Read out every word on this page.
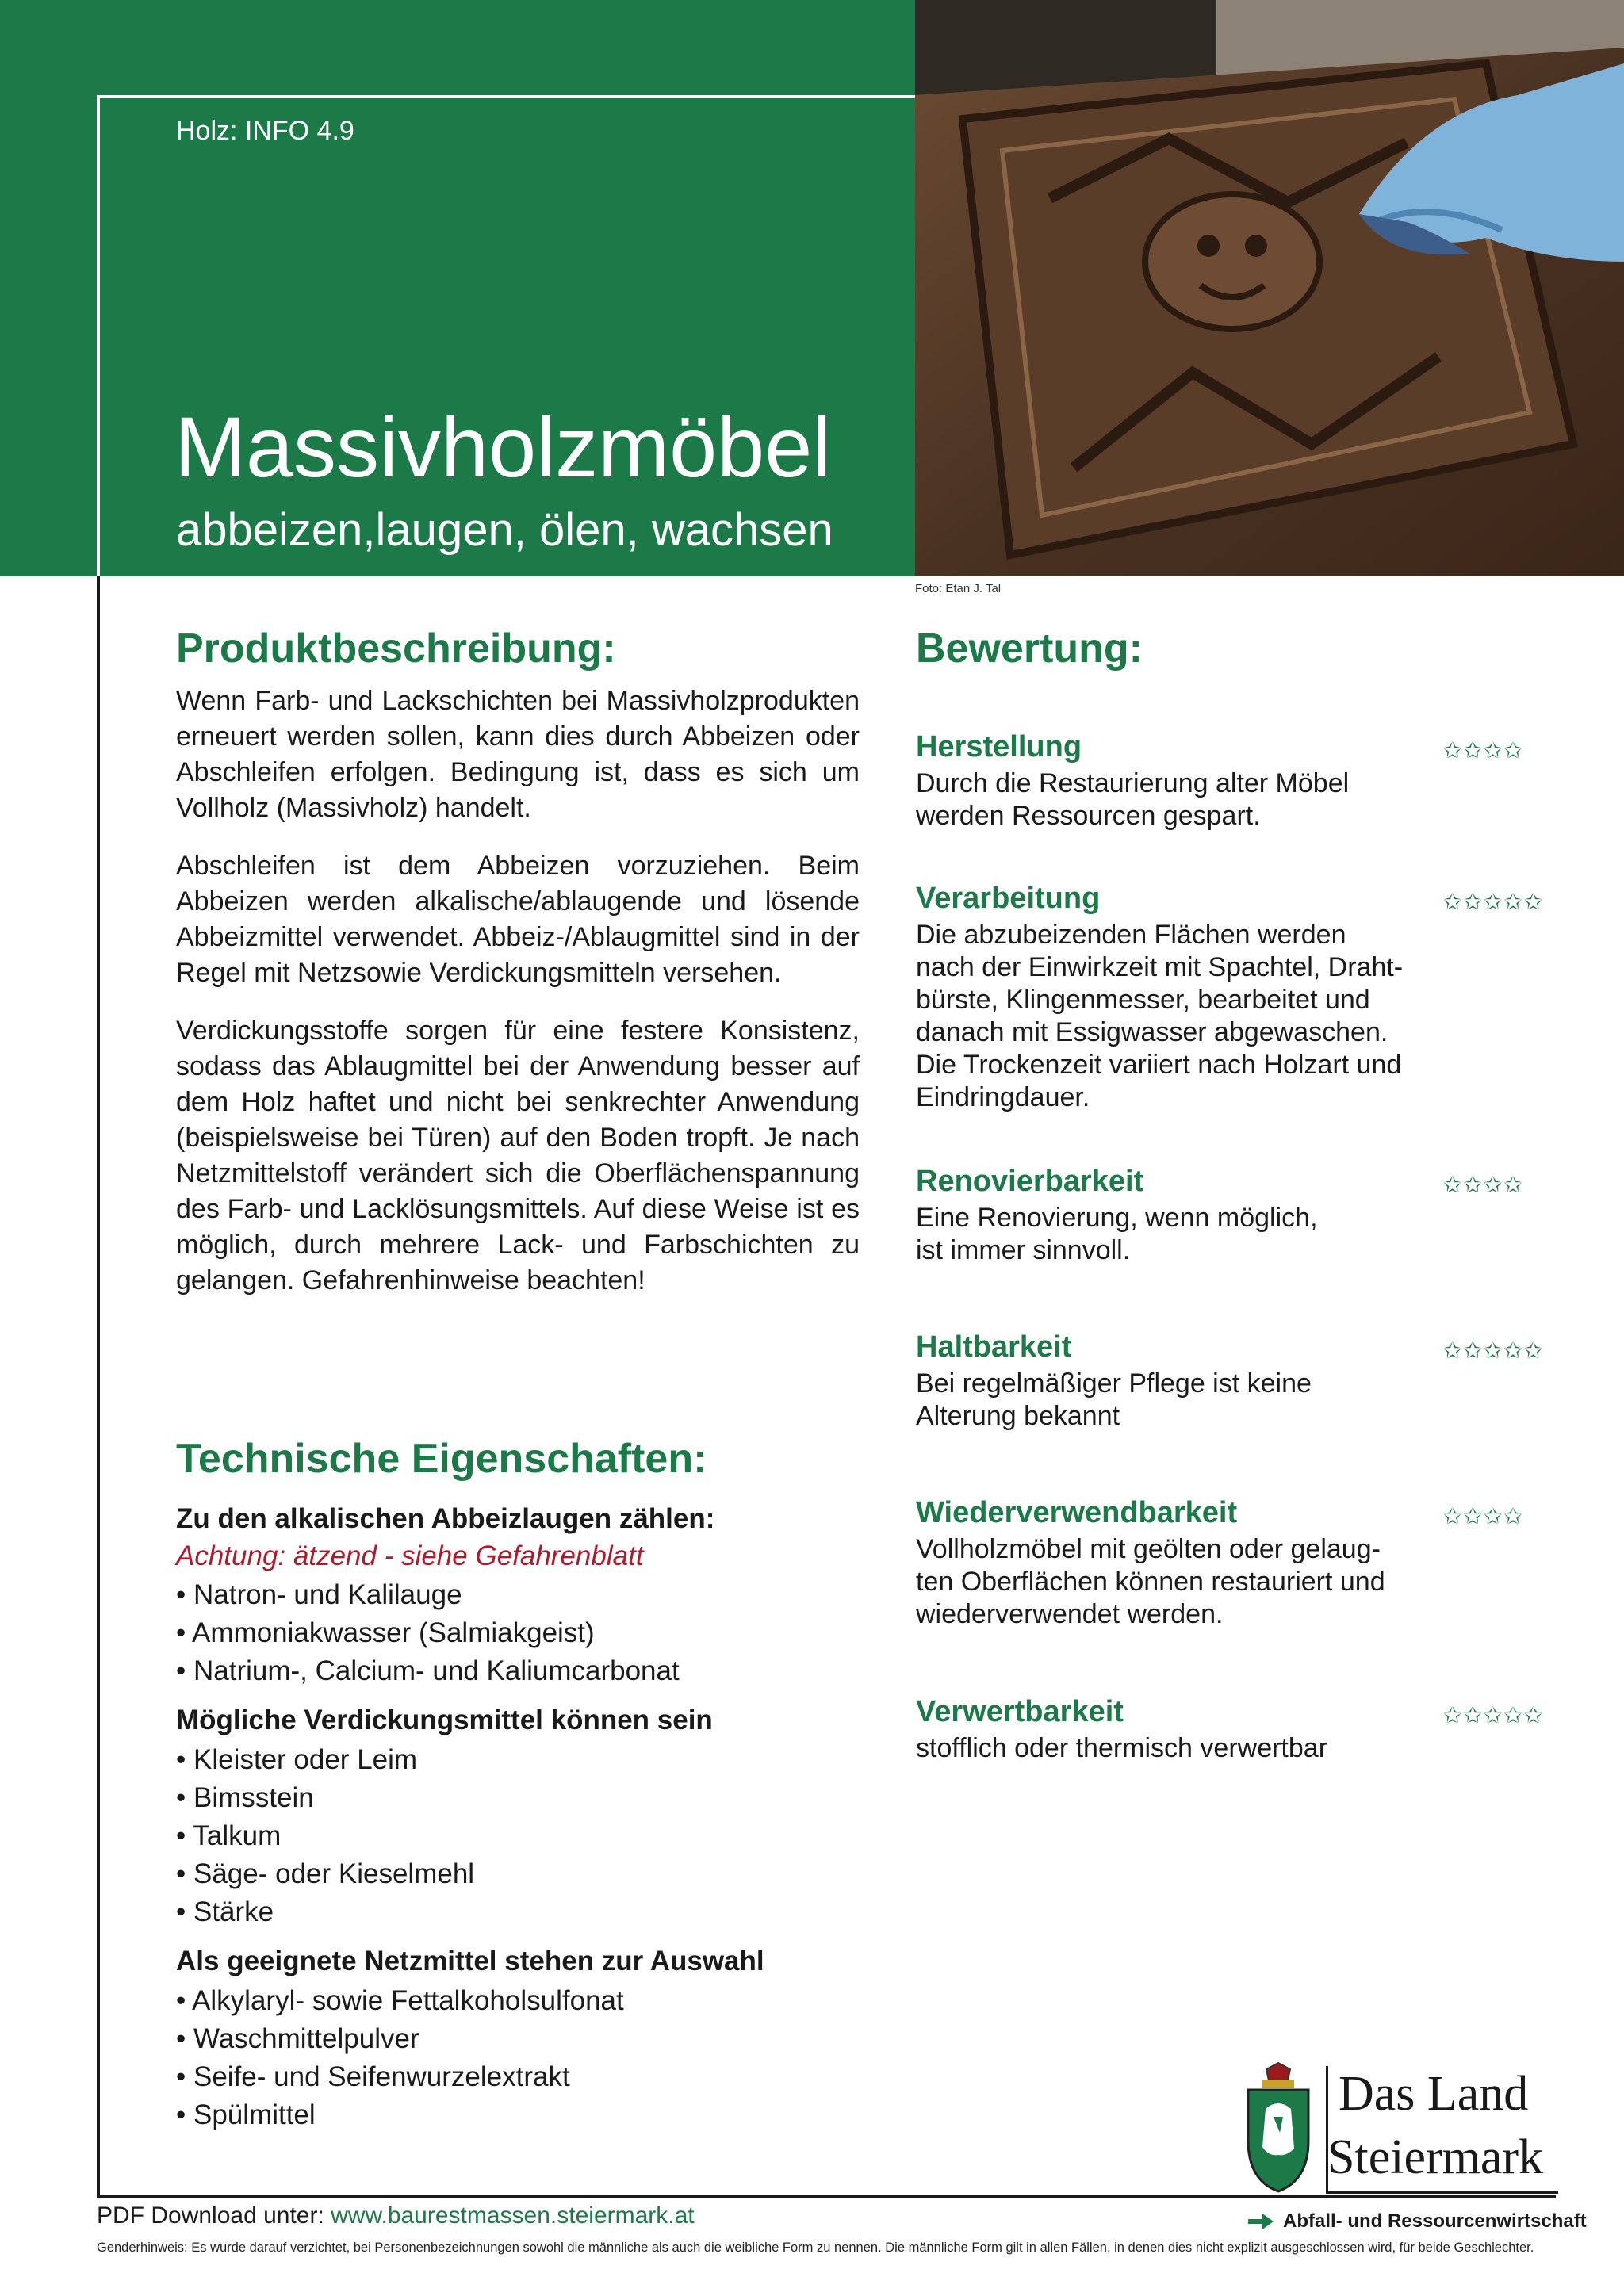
Holz: INFO 4.9
Massivholzmöbel
abbeizen,laugen, ölen, wachsen
Foto: Etan J. Tal
Produktbeschreibung:

Wenn Farb- und Lackschichten bei Massivholzprodukten erneuert werden sollen, kann dies durch Abbeizen oder Abschleifen erfolgen. Bedingung ist, dass es sich um Vollholz (Massivholz) handelt.

Abschleifen ist dem Abbeizen vorzuziehen. Beim Abbeizen werden alkalische/ablaugende und lösende Abbeizmittel verwendet. Abbeiz-/Ablaugmittel sind in der Regel mit Netzsowie Verdickungsmitteln versehen.

Verdickungsstoffe sorgen für eine festere Konsistenz, sodass das Ablaugmittel bei der Anwendung besser auf dem Holz haftet und nicht bei senkrechter Anwendung (beispielsweise bei Türen) auf den Boden tropft. Je nach Netzmittelstoff verändert sich die Oberflächenspannung des Farb- und Lacklösungsmittels. Auf diese Weise ist es möglich, durch mehrere Lack- und Farbschichten zu gelangen. Gefahrenhinweise beachten!

Technische Eigenschaften:

Zu den alkalischen Abbeizlaugen zählen:

Achtung: ätzend - siehe Gefahrenblatt

• Natron- und Kalilauge
• Ammoniakwasser (Salmiakgeist)
• Natrium-, Calcium- und Kaliumcarbonat

Mögliche Verdickungsmittel können sein

• Kleister oder Leim
• Bimsstein
• Talkum
• Säge- oder Kieselmehl
• Stärke

Als geeignete Netzmittel stehen zur Auswahl

• Alkylaryl- sowie Fettalkoholsulfonat
• Waschmittelpulver
• Seife- und Seifenwurzelextrakt
• Spülmittel
Bewertung:
Herstellung	✩✩✩✩

Durch die Restaurierung alter Möbel
werden Ressourcen gespart.

Verarbeitung	✩✩✩✩✩

Die abzubeizenden Flächen werden
nach der Einwirkzeit mit Spachtel, Draht-
bürste, Klingenmesser, bearbeitet und
danach mit Essigwasser abgewaschen.
Die Trockenzeit variiert nach Holzart und
Eindringdauer.

Renovierbarkeit	✩✩✩✩

Eine Renovierung, wenn möglich,
ist immer sinnvoll.

Haltbarkeit	✩✩✩✩✩

Bei regelmäßiger Pflege ist keine
Alterung bekannt

Wiederverwendbarkeit	✩✩✩✩

Vollholzmöbel mit geölten oder gelaug-
ten Oberflächen können restauriert und
wiederverwendet werden.

Verwertbarkeit	✩✩✩✩✩

stofflich oder thermisch verwertbar

Das Land
Steiermark
PDF Download unter: www.baurestmassen.steiermark.at	Abfall- und Ressourcenwirtschaft
Genderhinweis: Es wurde darauf verzichtet, bei Personenbezeichnungen sowohl die männliche als auch die weibliche Form zu nennen. Die männliche Form gilt in allen Fällen, in denen dies nicht explizit ausgeschlossen wird, für beide Geschlechter.
